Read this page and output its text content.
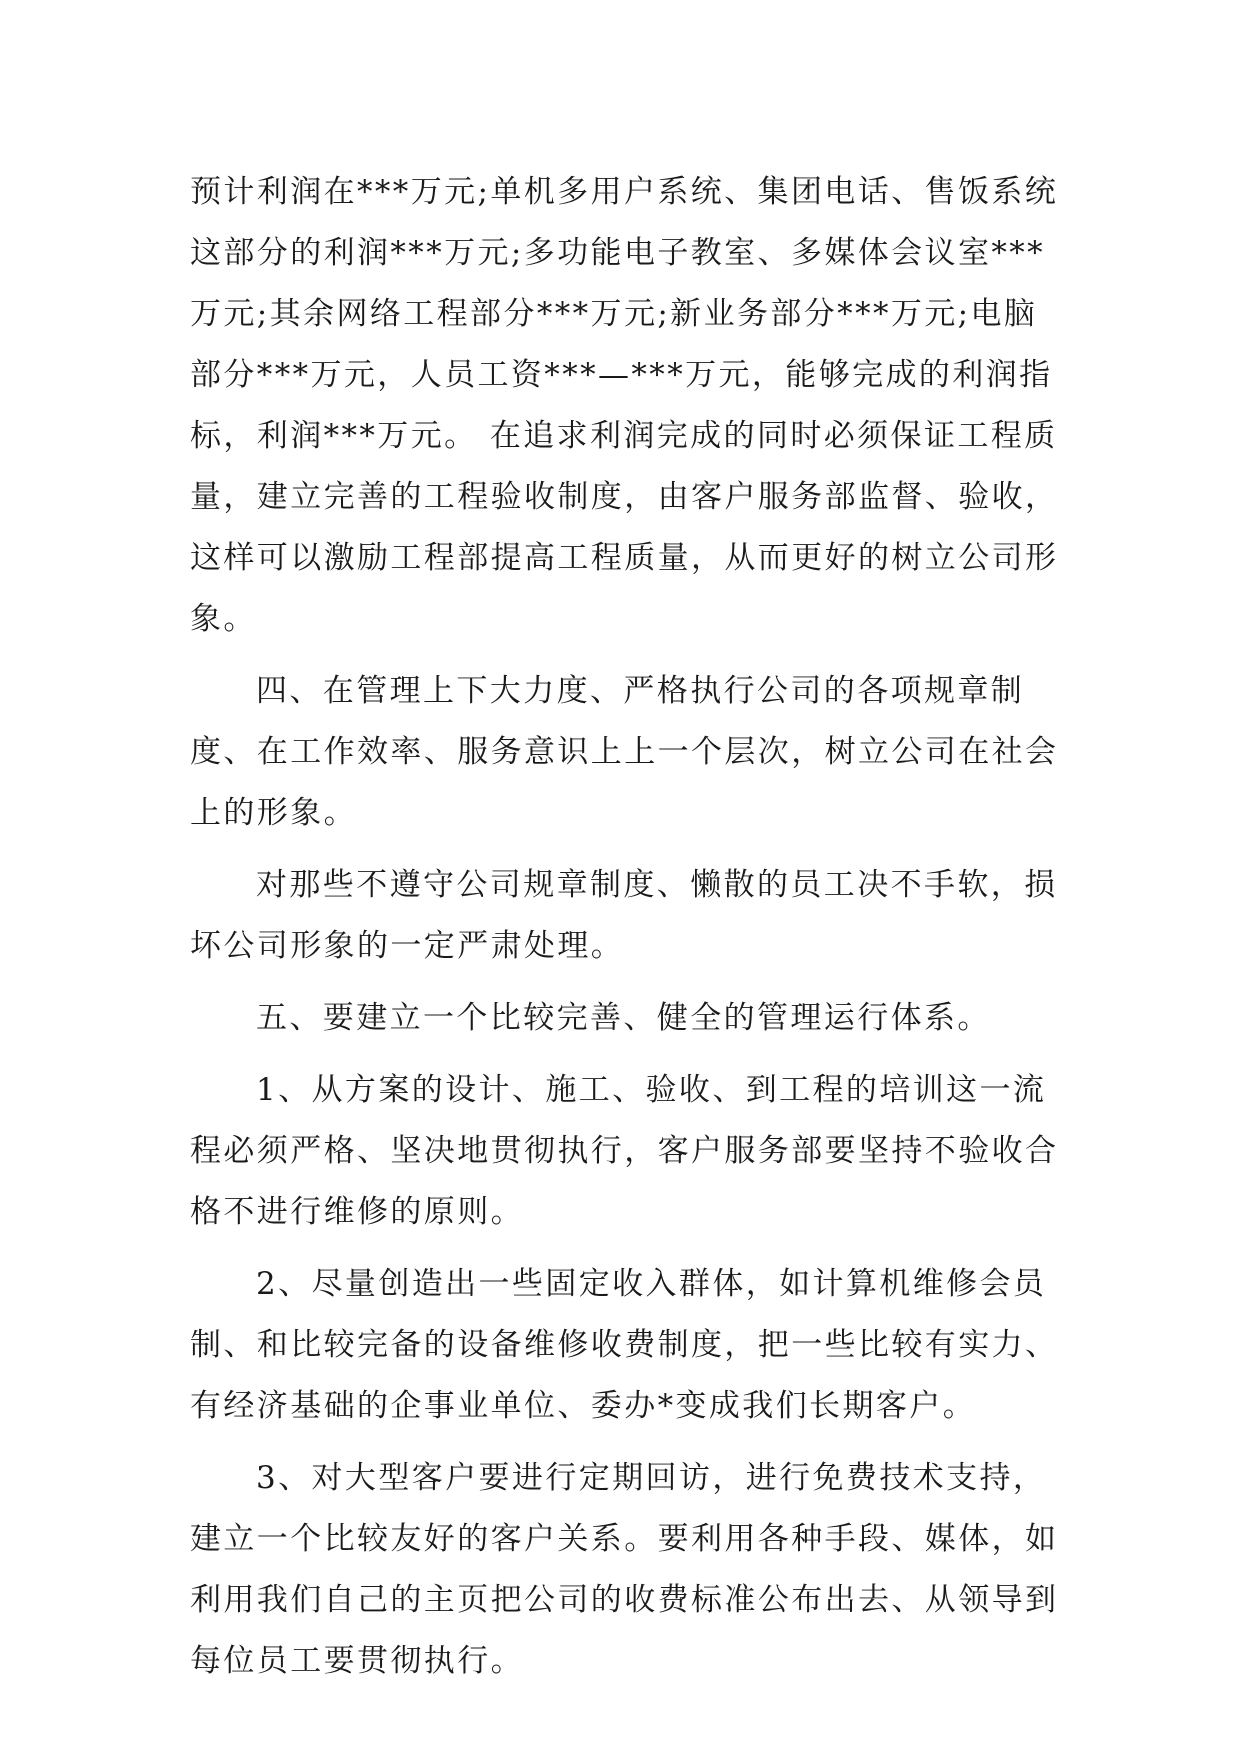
预计利润在***万元;单机多用户系统、集团电话、售饭系统这部分的利润***万元;多功能电子教室、多媒体会议室***万元;其余网络工程部分***万元;新业务部分***万元;电脑部分***万元，人员工资***—***万元，能够完成的利润指标，利润***万元。 在追求利润完成的同时必须保证工程质量，建立完善的工程验收制度，由客户服务部监督、验收，这样可以激励工程部提高工程质量，从而更好的树立公司形象。

四、在管理上下大力度、严格执行公司的各项规章制度、在工作效率、服务意识上上一个层次，树立公司在社会上的形象。

对那些不遵守公司规章制度、懒散的员工决不手软，损坏公司形象的一定严肃处理。

五、要建立一个比较完善、健全的管理运行体系。

1、从方案的设计、施工、验收、到工程的培训这一流程必须严格、坚决地贯彻执行，客户服务部要坚持不验收合格不进行维修的原则。

2、尽量创造出一些固定收入群体，如计算机维修会员制、和比较完备的设备维修收费制度，把一些比较有实力、有经济基础的企事业单位、委办*变成我们长期客户。

3、对大型客户要进行定期回访，进行免费技术支持，建立一个比较友好的客户关系。要利用各种手段、媒体，如利用我们自己的主页把公司的收费标准公布出去、从领导到每位员工要贯彻执行。
